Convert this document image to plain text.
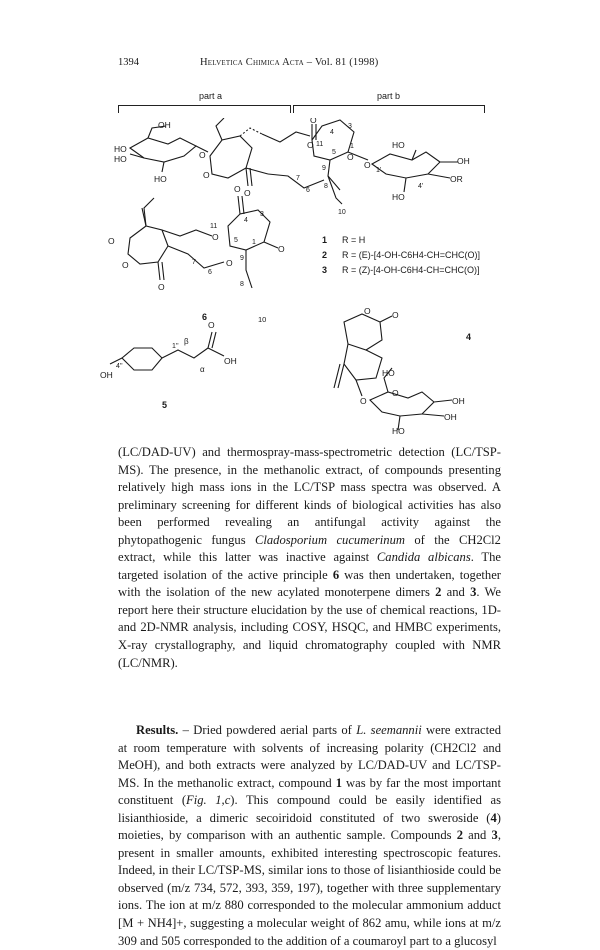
1394	Helvetica Chimica Acta – Vol. 81 (1998)
part a	part b
OH
HO
HO
HO
O
O
O
O
O
O
O
HO
OH
OR
HO
4
3
11
5
1
9
7
6
8
10
1'
4'
O
O
O
O
O
O
O
11
4
3
5 1
9
7
6
8
10
O
OH
OH
1''
4''
β
α
O	O
O
O
HO
OH
OH
HO
1 R = H
2 R = (E)-[4-OH-C6H4-CH=CHC(O)]
3 R = (Z)-[4-OH-C6H4-CH=CHC(O)]
4
6
5
(LC/DAD-UV) and thermospray-mass-spectrometric detection (LC/TSP-MS). The presence, in the methanolic extract, of compounds presenting relatively high mass ions in the LC/TSP mass spectra was observed. A preliminary screening for different kinds of biological activities has also been performed revealing an antifungal activity against the phytopathogenic fungus Cladosporium cucumerinum of the CH2Cl2 extract, while this latter was inactive against Candida albicans. The targeted isolation of the active principle 6 was then undertaken, together with the isolation of the new acylated monoterpene dimers 2 and 3. We report here their structure elucidation by the use of chemical reactions, 1D- and 2D-NMR analysis, including COSY, HSQC, and HMBC experiments, X-ray crystallography, and liquid chromatography coupled with NMR (LC/NMR).
Results. – Dried powdered aerial parts of L. seemannii were extracted at room temperature with solvents of increasing polarity (CH2Cl2 and MeOH), and both extracts were analyzed by LC/DAD-UV and LC/TSP-MS. In the methanolic extract, compound 1 was by far the most important constituent (Fig. 1,c). This compound could be easily identified as lisianthioside, a dimeric secoiridoid constituted of two sweroside (4) moieties, by comparison with an authentic sample. Compounds 2 and 3, present in smaller amounts, exhibited interesting spectroscopic features. Indeed, in their LC/TSP-MS, similar ions to those of lisianthioside could be observed (m/z 734, 572, 393, 359, 197), together with three supplementary ions. The ion at m/z 880 corresponded to the molecular ammonium adduct [M + NH4]+, suggesting a molecular weight of 862 amu, while ions at m/z 309 and 505 corresponded to the addition of a coumaroyl part to a glucosyl
